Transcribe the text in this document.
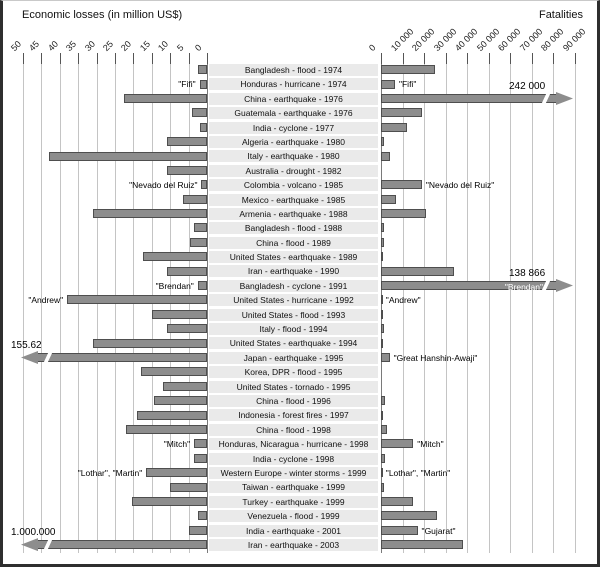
Economic losses (in million US$)	Fatalities
50 45 40 35 30 25 20 15 10 5 0	0 10 000
20 000
30 000
40 000
50 000
60 000
70 000
80 000
90 000
Bangladesh - flood - 1974
"Fifi"	Honduras - hurricane - 1974	"Fifi"
China - earthquake - 1976
242 000
Guatemala - earthquake - 1976
India - cyclone - 1977
Algeria - earthquake - 1980
Italy - earthquake - 1980
Australia - drought - 1982
"Nevado del Ruiz"	Colombia - volcano - 1985	"Nevado del Ruiz"
Mexico - earthquake - 1985
Armenia - earthquake - 1988
Bangladesh - flood - 1988
China - flood - 1989
United States - earthquake - 1989
Iran - earthquake - 1990
"Brendan"	Bangladesh - cyclone - 1991	"Brendan"
138 866
"Andrew"	United States - hurricane - 1992	"Andrew"
United States - flood - 1993
Italy - flood - 1994
United States - earthquake - 1994
155.62
Japan - earthquake - 1995	"Great Hanshin-Awaji"
Korea, DPR - flood - 1995
United States - tornado - 1995
China - flood - 1996
Indonesia - forest fires - 1997
China - flood - 1998
"Mitch"	Honduras, Nicaragua - hurricane - 1998	"Mitch"
India - cyclone - 1998
"Lothar", "Martin"	Western Europe - winter storms - 1999	"Lothar", "Martin"
Taiwan - earthquake - 1999
Turkey - earthquake - 1999
Venezuela - flood - 1999
India - earthquake - 2001	"Gujarat"
1.000.000
Iran - earthquake - 2003
